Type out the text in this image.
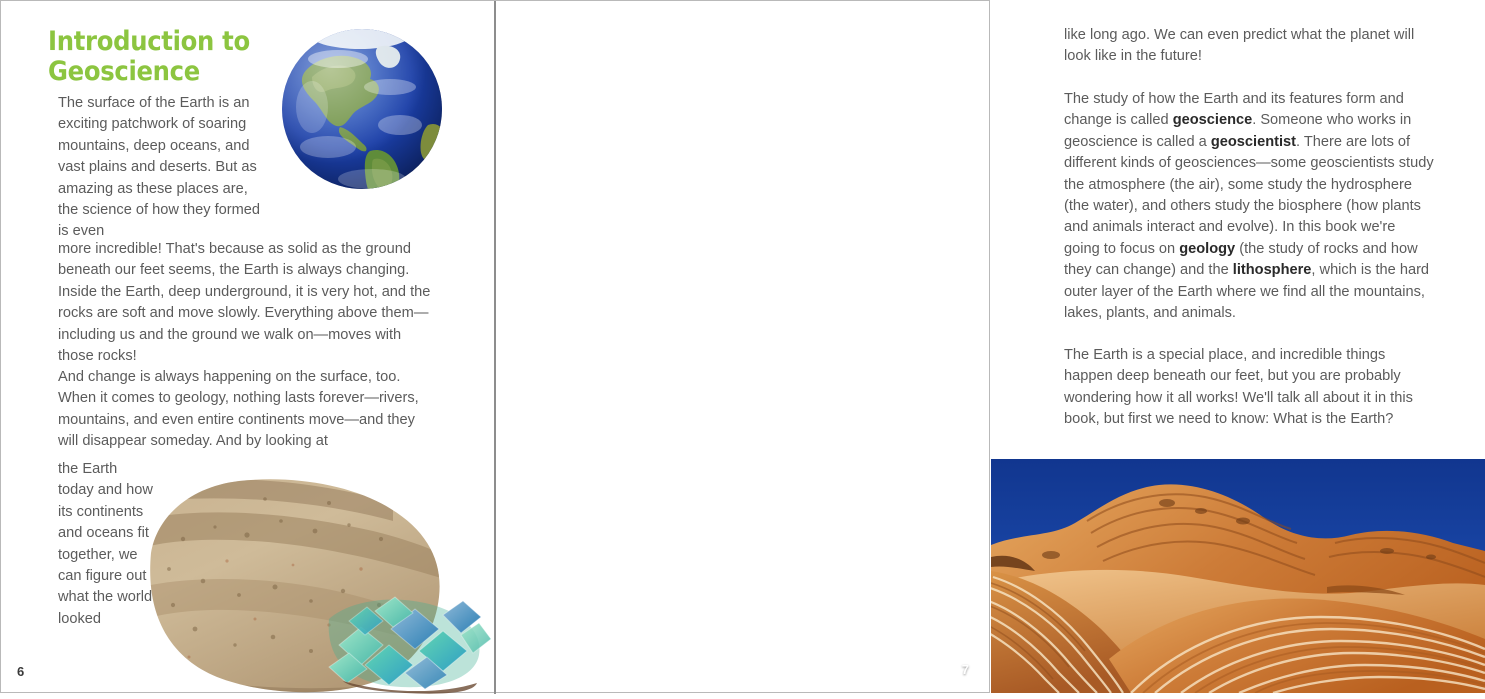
Introduction to Geoscience
The surface of the Earth is an exciting patchwork of soaring mountains, deep oceans, and vast plains and deserts. But as amazing as these places are, the science of how they formed is even
more incredible! That's because as solid as the ground beneath our feet seems, the Earth is always changing. Inside the Earth, deep underground, it is very hot, and the rocks are soft and move slowly. Everything above them—including us and the ground we walk on—moves with those rocks!
And change is always happening on the surface, too. When it comes to geology, nothing lasts forever—rivers, mountains, and even entire continents move—and they will disappear someday. And by looking at
the Earth today and how its continents and oceans fit together, we can figure out what the world looked
6
like long ago. We can even predict what the planet will look like in the future!
The study of how the Earth and its features form and change is called geoscience. Someone who works in geoscience is called a geoscientist. There are lots of different kinds of geosciences—some geoscientists study the atmosphere (the air), some study the hydrosphere (the water), and others study the biosphere (how plants and animals interact and evolve). In this book we're going to focus on geology (the study of rocks and how they can change) and the lithosphere, which is the hard outer layer of the Earth where we find all the mountains, lakes, plants, and animals.
The Earth is a special place, and incredible things happen deep beneath our feet, but you are probably wondering how it all works! We'll talk all about it in this book, but first we need to know: What is the Earth?
7
